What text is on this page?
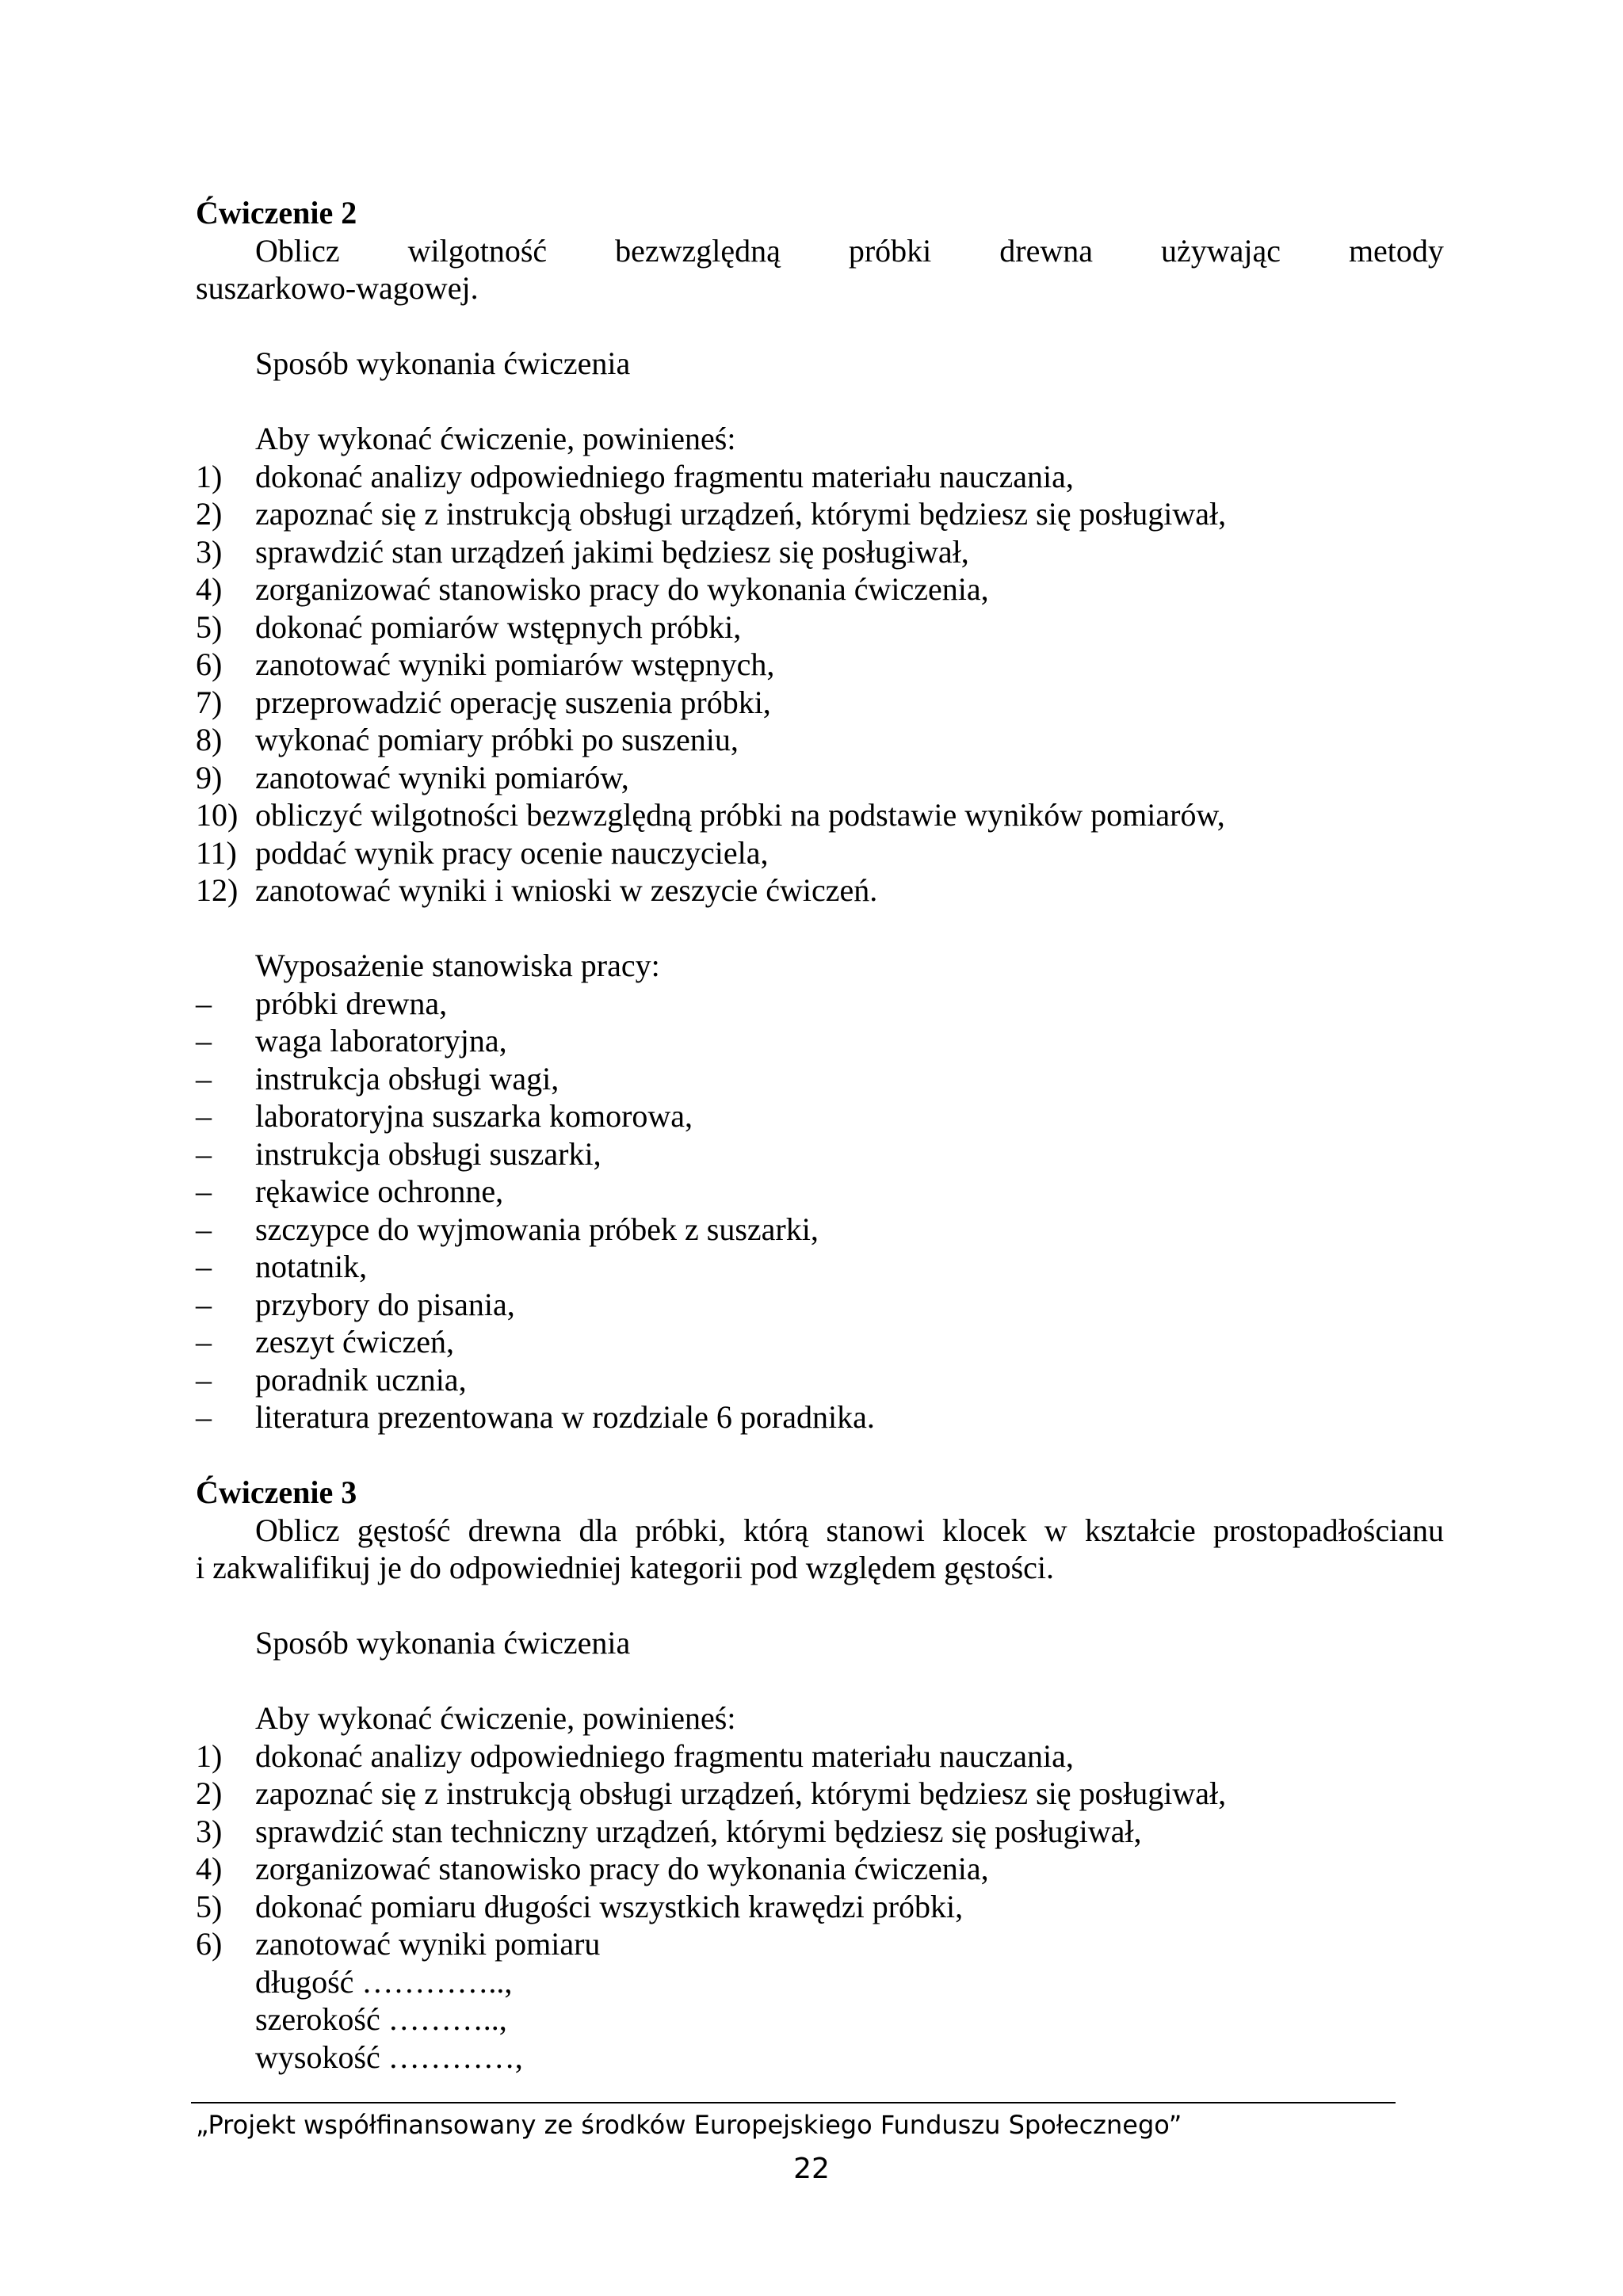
Ćwiczenie 2
Oblicz wilgotność bezwzględną próbki drewna używając metody
suszarkowo-wagowej.
Sposób wykonania ćwiczenia
Aby wykonać ćwiczenie, powinieneś:
1)	dokonać analizy odpowiedniego fragmentu materiału nauczania,
2)	zapoznać się z instrukcją obsługi urządzeń, którymi będziesz się posługiwał,
3)	sprawdzić stan urządzeń jakimi będziesz się posługiwał,
4)	zorganizować stanowisko pracy do wykonania ćwiczenia,
5)	dokonać pomiarów wstępnych próbki,
6)	zanotować wyniki pomiarów wstępnych,
7)	przeprowadzić operację suszenia próbki,
8)	wykonać pomiary próbki po suszeniu,
9)	zanotować wyniki pomiarów,
10) obliczyć wilgotności bezwzględną próbki na podstawie wyników pomiarów,
11) poddać wynik pracy ocenie nauczyciela,
12) zanotować wyniki i wnioski w zeszycie ćwiczeń.
Wyposażenie stanowiska pracy:
–	próbki drewna,
–	waga laboratoryjna,
–	instrukcja obsługi wagi,
–	laboratoryjna suszarka komorowa,
–	instrukcja obsługi suszarki,
–	rękawice ochronne,
–	szczypce do wyjmowania próbek z suszarki,
–	notatnik,
–	przybory do pisania,
–	zeszyt ćwiczeń,
–	poradnik ucznia,
–	literatura prezentowana w rozdziale 6 poradnika.
Ćwiczenie 3
Oblicz gęstość drewna dla próbki, którą stanowi klocek w kształcie prostopadłościanu
i zakwalifikuj je do odpowiedniej kategorii pod względem gęstości.
Sposób wykonania ćwiczenia
Aby wykonać ćwiczenie, powinieneś:
1)	dokonać analizy odpowiedniego fragmentu materiału nauczania,
2)	zapoznać się z instrukcją obsługi urządzeń, którymi będziesz się posługiwał,
3)	sprawdzić stan techniczny urządzeń, którymi będziesz się posługiwał,
4)	zorganizować stanowisko pracy do wykonania ćwiczenia,
5)	dokonać pomiaru długości wszystkich krawędzi próbki,
6)	zanotować wyniki pomiaru
długość …………..,
szerokość ………..,
wysokość …………,
„Projekt współfinansowany ze środków Europejskiego Funduszu Społecznego”
22
